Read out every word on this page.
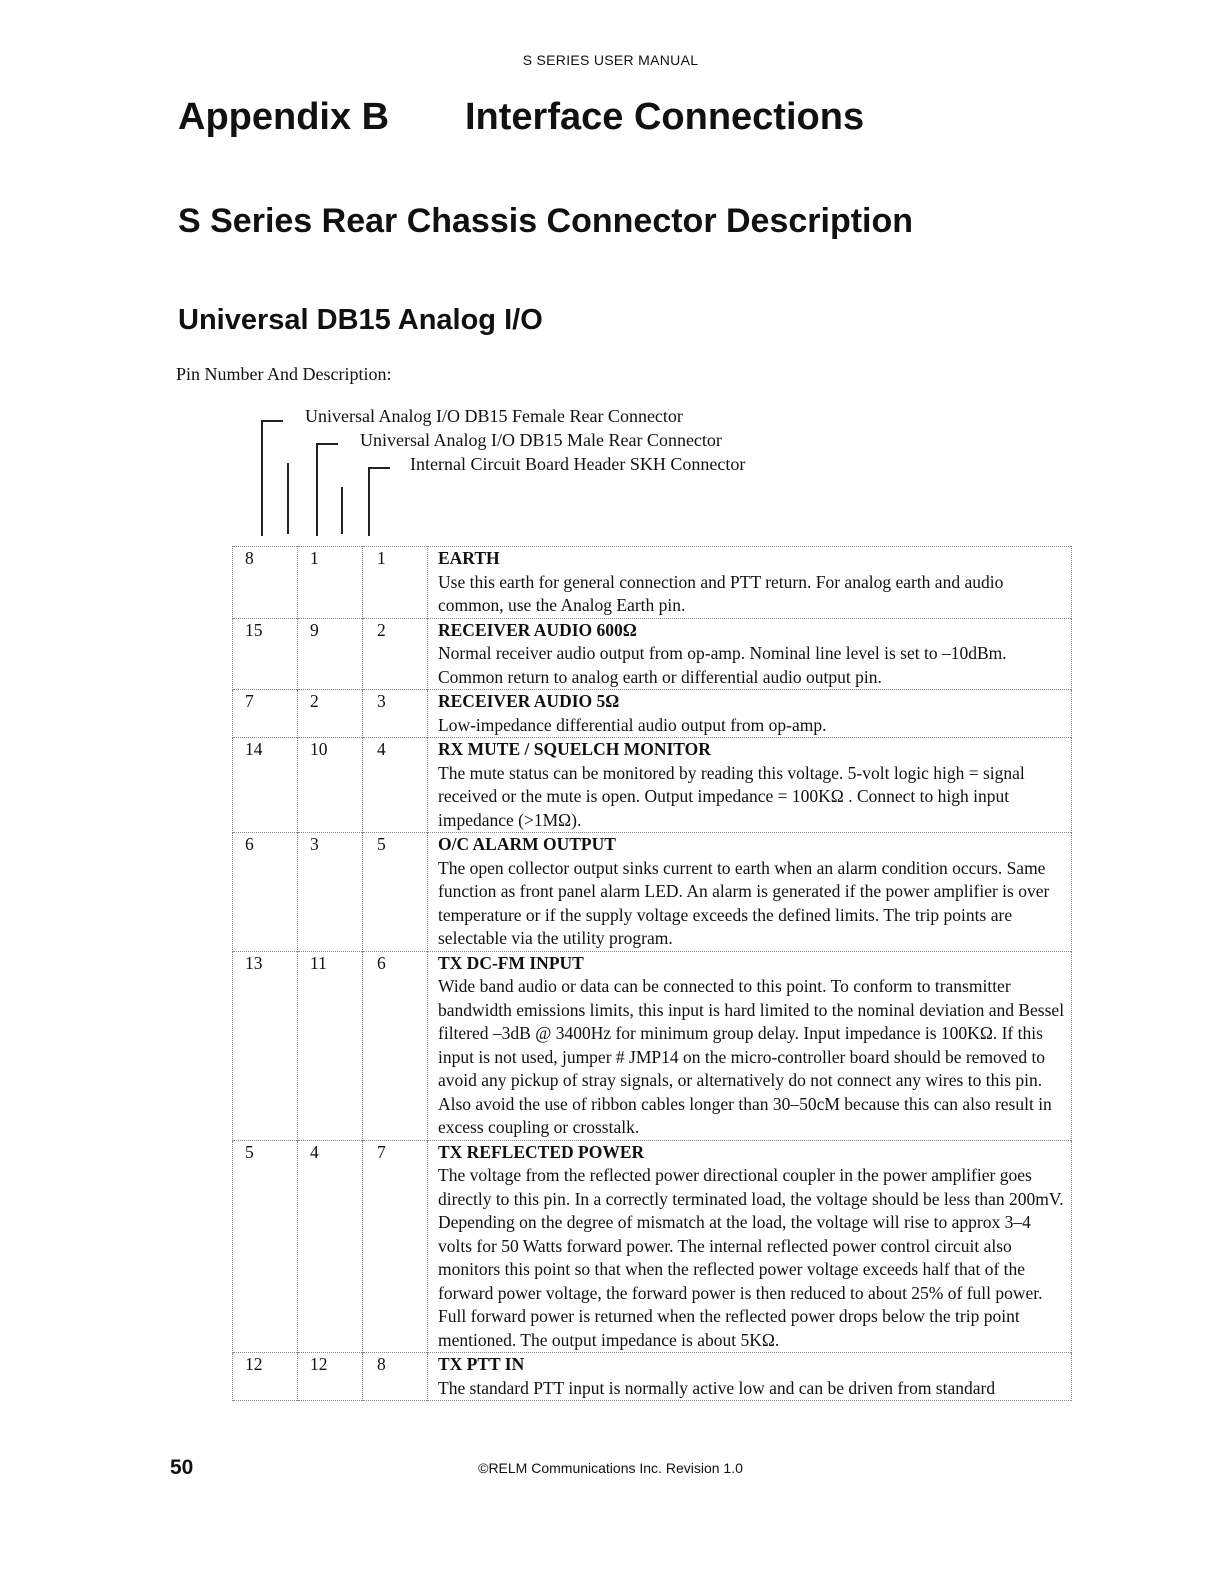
S SERIES USER MANUAL
Appendix B Interface Connections
S Series Rear Chassis Connector Description
Universal DB15 Analog I/O
Pin Number And Description:
Universal Analog I/O DB15 Female Rear Connector
Universal Analog I/O DB15 Male Rear Connector
Internal Circuit Board Header SKH Connector
8	1	1	EARTH
Use this earth for general connection and PTT return. For analog earth and audio common, use the Analog Earth pin.

15	9	2	RECEIVER AUDIO 600Ω
Normal receiver audio output from op-amp. Nominal line level is set to –10dBm. Common return to analog earth or differential audio output pin.

7	2	3	RECEIVER AUDIO 5Ω
Low-impedance differential audio output from op-amp.

14	10	4	RX MUTE / SQUELCH MONITOR
The mute status can be monitored by reading this voltage. 5-volt logic high = signal received or the mute is open. Output impedance = 100KΩ . Connect to high input impedance (>1MΩ).

6	3	5	O/C ALARM OUTPUT
The open collector output sinks current to earth when an alarm condition occurs. Same function as front panel alarm LED. An alarm is generated if the power amplifier is over temperature or if the supply voltage exceeds the defined limits. The trip points are selectable via the utility program.

13	11	6	TX DC-FM INPUT
Wide band audio or data can be connected to this point. To conform to transmitter bandwidth emissions limits, this input is hard limited to the nominal deviation and Bessel filtered –3dB @ 3400Hz for minimum group delay. Input impedance is 100KΩ. If this input is not used, jumper # JMP14 on the micro-controller board should be removed to avoid any pickup of stray signals, or alternatively do not connect any wires to this pin. Also avoid the use of ribbon cables longer than 30–50cM because this can also result in excess coupling or crosstalk.

5	4	7	TX REFLECTED POWER
The voltage from the reflected power directional coupler in the power amplifier goes directly to this pin. In a correctly terminated load, the voltage should be less than 200mV. Depending on the degree of mismatch at the load, the voltage will rise to approx 3–4 volts for 50 Watts forward power. The internal reflected power control circuit also monitors this point so that when the reflected power voltage exceeds half that of the forward power voltage, the forward power is then reduced to about 25% of full power. Full forward power is returned when the reflected power drops below the trip point mentioned. The output impedance is about 5KΩ.

12	12	8	TX PTT IN
The standard PTT input is normally active low and can be driven from standard
50	©RELM Communications Inc. Revision 1.0
